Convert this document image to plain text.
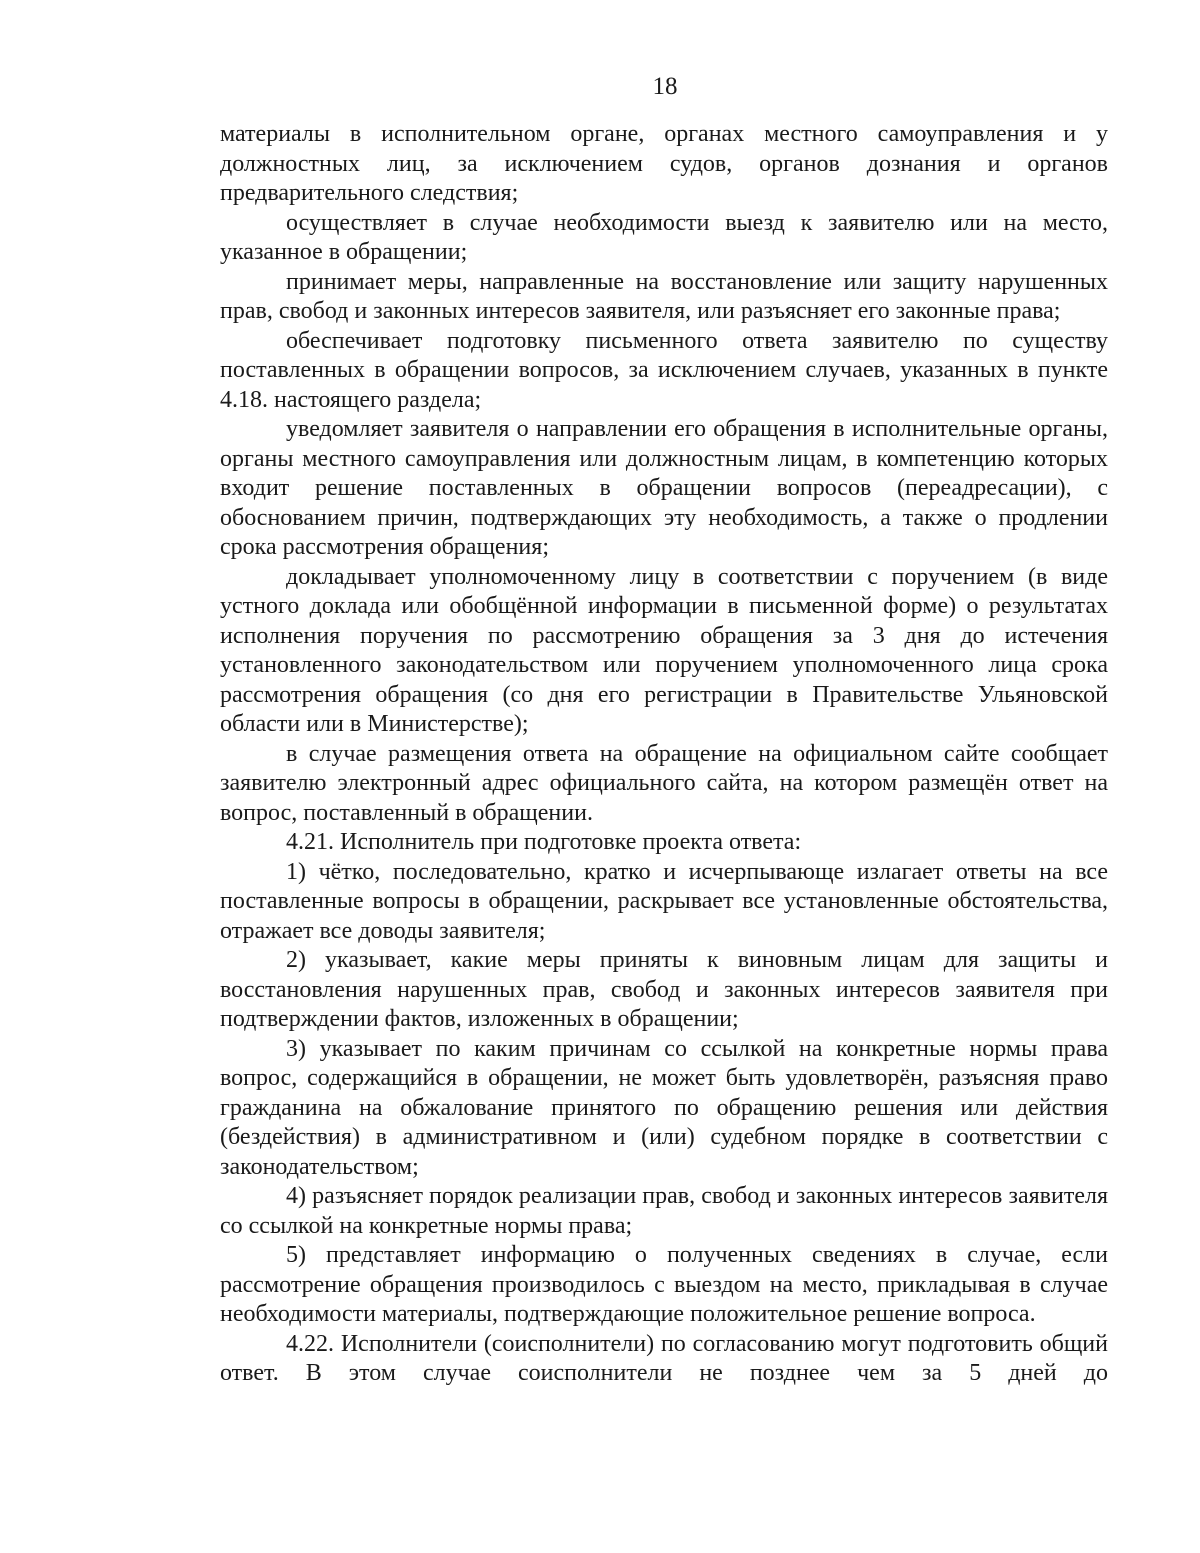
18

материалы в исполнительном органе, органах местного самоуправления и у должностных лиц, за исключением судов, органов дознания и органов предварительного следствия;

осуществляет в случае необходимости выезд к заявителю или на место, указанное в обращении;

принимает меры, направленные на восстановление или защиту нарушенных прав, свобод и законных интересов заявителя, или разъясняет его законные права;

обеспечивает подготовку письменного ответа заявителю по существу поставленных в обращении вопросов, за исключением случаев, указанных в пункте 4.18. настоящего раздела;

уведомляет заявителя о направлении его обращения в исполнительные органы, органы местного самоуправления или должностным лицам, в компетенцию которых входит решение поставленных в обращении вопросов (переадресации), с обоснованием причин, подтверждающих эту необходимость, а также о продлении срока рассмотрения обращения;

докладывает уполномоченному лицу в соответствии с поручением (в виде устного доклада или обобщённой информации в письменной форме) о результатах исполнения поручения по рассмотрению обращения за 3 дня до истечения установленного законодательством или поручением уполномоченного лица срока рассмотрения обращения (со дня его регистрации в Правительстве Ульяновской области или в Министерстве);

в случае размещения ответа на обращение на официальном сайте сообщает заявителю электронный адрес официального сайта, на котором размещён ответ на вопрос, поставленный в обращении.

4.21. Исполнитель при подготовке проекта ответа:

1) чётко, последовательно, кратко и исчерпывающе излагает ответы на все поставленные вопросы в обращении, раскрывает все установленные обстоятельства, отражает все доводы заявителя;

2) указывает, какие меры приняты к виновным лицам для защиты и восстановления нарушенных прав, свобод и законных интересов заявителя при подтверждении фактов, изложенных в обращении;

3) указывает по каким причинам со ссылкой на конкретные нормы права вопрос, содержащийся в обращении, не может быть удовлетворён, разъясняя право гражданина на обжалование принятого по обращению решения или действия (бездействия) в административном и (или) судебном порядке в соответствии с законодательством;

4) разъясняет порядок реализации прав, свобод и законных интересов заявителя со ссылкой на конкретные нормы права;

5) представляет информацию о полученных сведениях в случае, если рассмотрение обращения производилось с выездом на место, прикладывая в случае необходимости материалы, подтверждающие положительное решение вопроса.

4.22. Исполнители (соисполнители) по согласованию могут подготовить общий ответ. В этом случае соисполнители не позднее чем за 5 дней до
